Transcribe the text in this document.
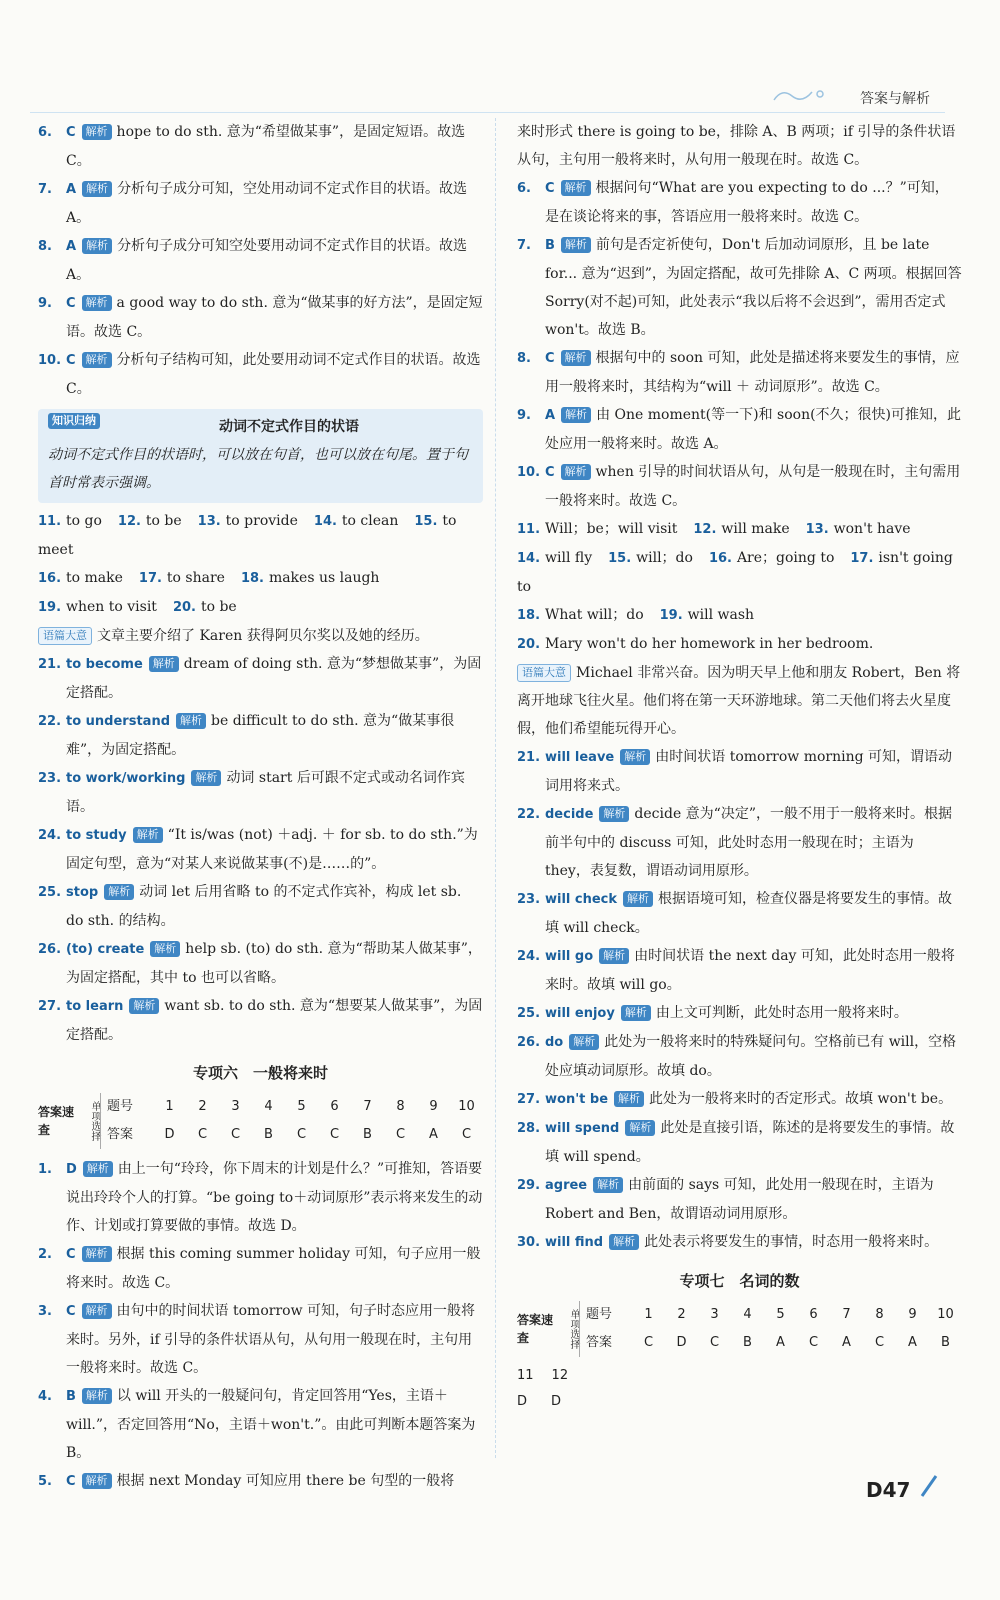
答案与解析

6. C 解析 hope to do sth. 意为“希望做某事”，是固定短语。故选 C。

7. A 解析 分析句子成分可知，空处用动词不定式作目的状语。故选 A。

8. A 解析 分析句子成分可知空处要用动词不定式作目的状语。故选 A。

9. C 解析 a good way to do sth. 意为“做某事的好方法”，是固定短语。故选 C。

10. C 解析 分析句子结构可知，此处要用动词不定式作目的状语。故选 C。

知识归纳	动词不定式作目的状语
动词不定式作目的状语时，可以放在句首，也可以放在句尾。置于句首时常表示强调。

11. to go 12. to be 13. to provide 14. to clean 15. to meet

16. to make 17. to share 18. makes us laugh

19. when to visit 20. to be

语篇大意 文章主要介绍了 Karen 获得阿贝尔奖以及她的经历。

21. to become 解析 dream of doing sth. 意为“梦想做某事”，为固定搭配。

22. to understand 解析 be difficult to do sth. 意为“做某事很难”，为固定搭配。

23. to work/working 解析 动词 start 后可跟不定式或动名词作宾语。

24. to study 解析 “It is/was (not) ＋adj. ＋ for sb. to do sth.”为固定句型，意为“对某人来说做某事(不)是……的”。

25. stop 解析 动词 let 后用省略 to 的不定式作宾补，构成 let sb. do sth. 的结构。

26. (to) create 解析 help sb. (to) do sth. 意为“帮助某人做某事”，为固定搭配，其中 to 也可以省略。

27. to learn 解析 want sb. to do sth. 意为“想要某人做某事”，为固定搭配。

专项六　一般将来时
答案速查	单项选择 题号	1	2	3	4	5	6	7	8	9	10
答案	D	C	C	B	C	C	B	C	A	C

1. D 解析 由上一句“玲玲，你下周末的计划是什么？”可推知，答语要说出玲玲个人的打算。“be going to＋动词原形”表示将来发生的动作、计划或打算要做的事情。故选 D。

2. C 解析 根据 this coming summer holiday 可知，句子应用一般将来时。故选 C。

3. C 解析 由句中的时间状语 tomorrow 可知，句子时态应用一般将来时。另外，if 引导的条件状语从句，从句用一般现在时，主句用一般将来时。故选 C。

4. B 解析 以 will 开头的一般疑问句，肯定回答用“Yes，主语＋will.”，否定回答用“No，主语＋won't.”。由此可判断本题答案为 B。

5. C 解析 根据 next Monday 可知应用 there be 句型的一般将

来时形式 there is going to be，排除 A、B 两项；if 引导的条件状语从句，主句用一般将来时，从句用一般现在时。故选 C。

6. C 解析 根据问句“What are you expecting to do ...？”可知，是在谈论将来的事，答语应用一般将来时。故选 C。

7. B 解析 前句是否定祈使句，Don't 后加动词原形，且 be late for... 意为“迟到”，为固定搭配，故可先排除 A、C 两项。根据回答 Sorry(对不起)可知，此处表示“我以后将不会迟到”，需用否定式 won't。故选 B。

8. C 解析 根据句中的 soon 可知，此处是描述将来要发生的事情，应用一般将来时，其结构为“will ＋ 动词原形”。故选 C。

9. A 解析 由 One moment(等一下)和 soon(不久；很快)可推知，此处应用一般将来时。故选 A。

10. C 解析 when 引导的时间状语从句，从句是一般现在时，主句需用一般将来时。故选 C。

11. Will；be；will visit 12. will make 13. won't have

14. will fly 15. will；do 16. Are；going to 17. isn't going to

18. What will；do 19. will wash

20. Mary won't do her homework in her bedroom.

语篇大意 Michael 非常兴奋。因为明天早上他和朋友 Robert，Ben 将离开地球飞往火星。他们将在第一天环游地球。第二天他们将去火星度假，他们希望能玩得开心。

21. will leave 解析 由时间状语 tomorrow morning 可知，谓语动词用将来式。

22. decide 解析 decide 意为“决定”，一般不用于一般将来时。根据前半句中的 discuss 可知，此处时态用一般现在时；主语为 they，表复数，谓语动词用原形。

23. will check 解析 根据语境可知，检查仪器是将要发生的事情。故填 will check。

24. will go 解析 由时间状语 the next day 可知，此处时态用一般将来时。故填 will go。

25. will enjoy 解析 由上文可判断，此处时态用一般将来时。

26. do 解析 此处为一般将来时的特殊疑问句。空格前已有 will，空格处应填动词原形。故填 do。

27. won't be 解析 此处为一般将来时的否定形式。故填 won't be。

28. will spend 解析 此处是直接引语，陈述的是将要发生的事情。故填 will spend。

29. agree 解析 由前面的 says 可知，此处用一般现在时，主语为 Robert and Ben，故谓语动词用原形。

30. will find 解析 此处表示将要发生的事情，时态用一般将来时。

专项七　名词的数
答案速查	单项选择 题号	1	2	3	4	5	6	7	8	9	10
答案	C	D	C	B	A	C	A	C	A	B
11 12
D D
D47
